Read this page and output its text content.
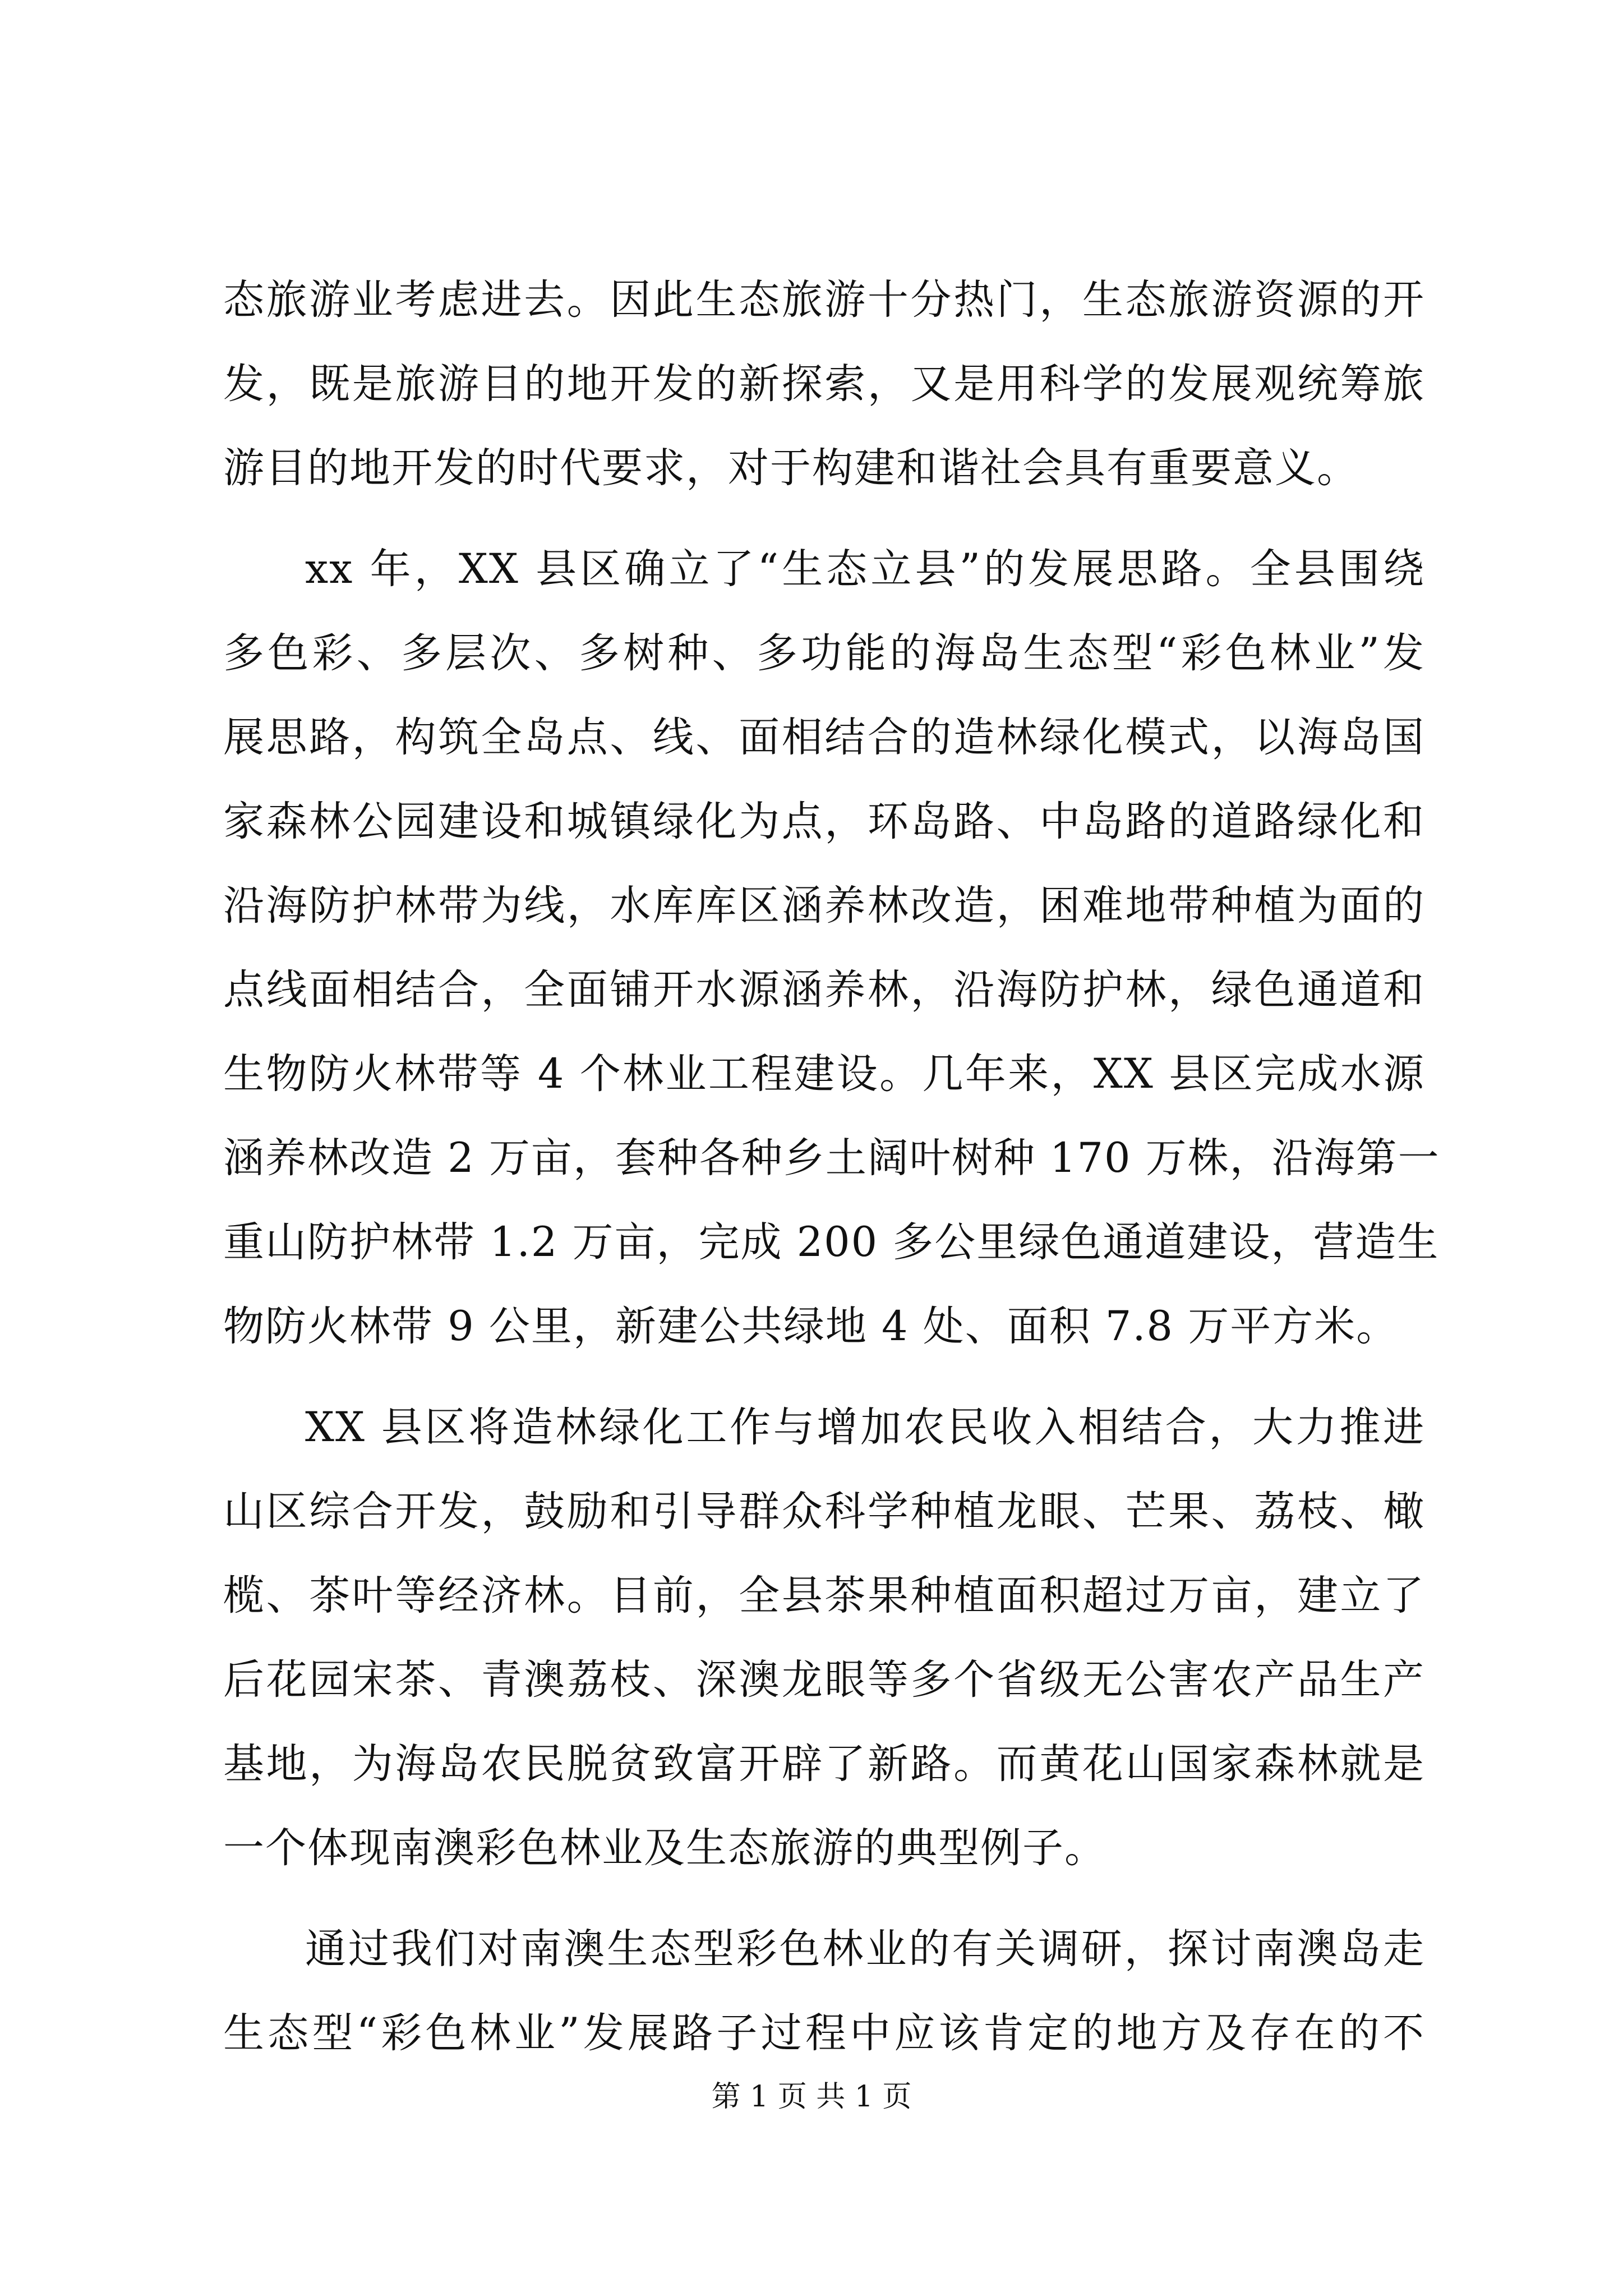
态旅游业考虑进去。因此生态旅游十分热门，生态旅游资源的开
发，既是旅游目的地开发的新探索，又是用科学的发展观统筹旅
游目的地开发的时代要求，对于构建和谐社会具有重要意义。
xx 年，XX 县区确立了“生态立县”的发展思路。全县围绕
多色彩、多层次、多树种、多功能的海岛生态型“彩色林业”发
展思路，构筑全岛点、线、面相结合的造林绿化模式，以海岛国
家森林公园建设和城镇绿化为点，环岛路、中岛路的道路绿化和
沿海防护林带为线，水库库区涵养林改造，困难地带种植为面的
点线面相结合，全面铺开水源涵养林，沿海防护林，绿色通道和
生物防火林带等 4 个林业工程建设。几年来，XX 县区完成水源
涵养林改造 2 万亩，套种各种乡土阔叶树种 170 万株，沿海第一
重山防护林带 1.2 万亩，完成 200 多公里绿色通道建设，营造生
物防火林带 9 公里，新建公共绿地 4 处、面积 7.8 万平方米。
XX 县区将造林绿化工作与增加农民收入相结合，大力推进
山区综合开发，鼓励和引导群众科学种植龙眼、芒果、荔枝、橄
榄、茶叶等经济林。目前，全县茶果种植面积超过万亩，建立了
后花园宋茶、青澳荔枝、深澳龙眼等多个省级无公害农产品生产
基地，为海岛农民脱贫致富开辟了新路。而黄花山国家森林就是
一个体现南澳彩色林业及生态旅游的典型例子。
通过我们对南澳生态型彩色林业的有关调研，探讨南澳岛走
生态型“彩色林业”发展路子过程中应该肯定的地方及存在的不
第 1 页 共 1 页
